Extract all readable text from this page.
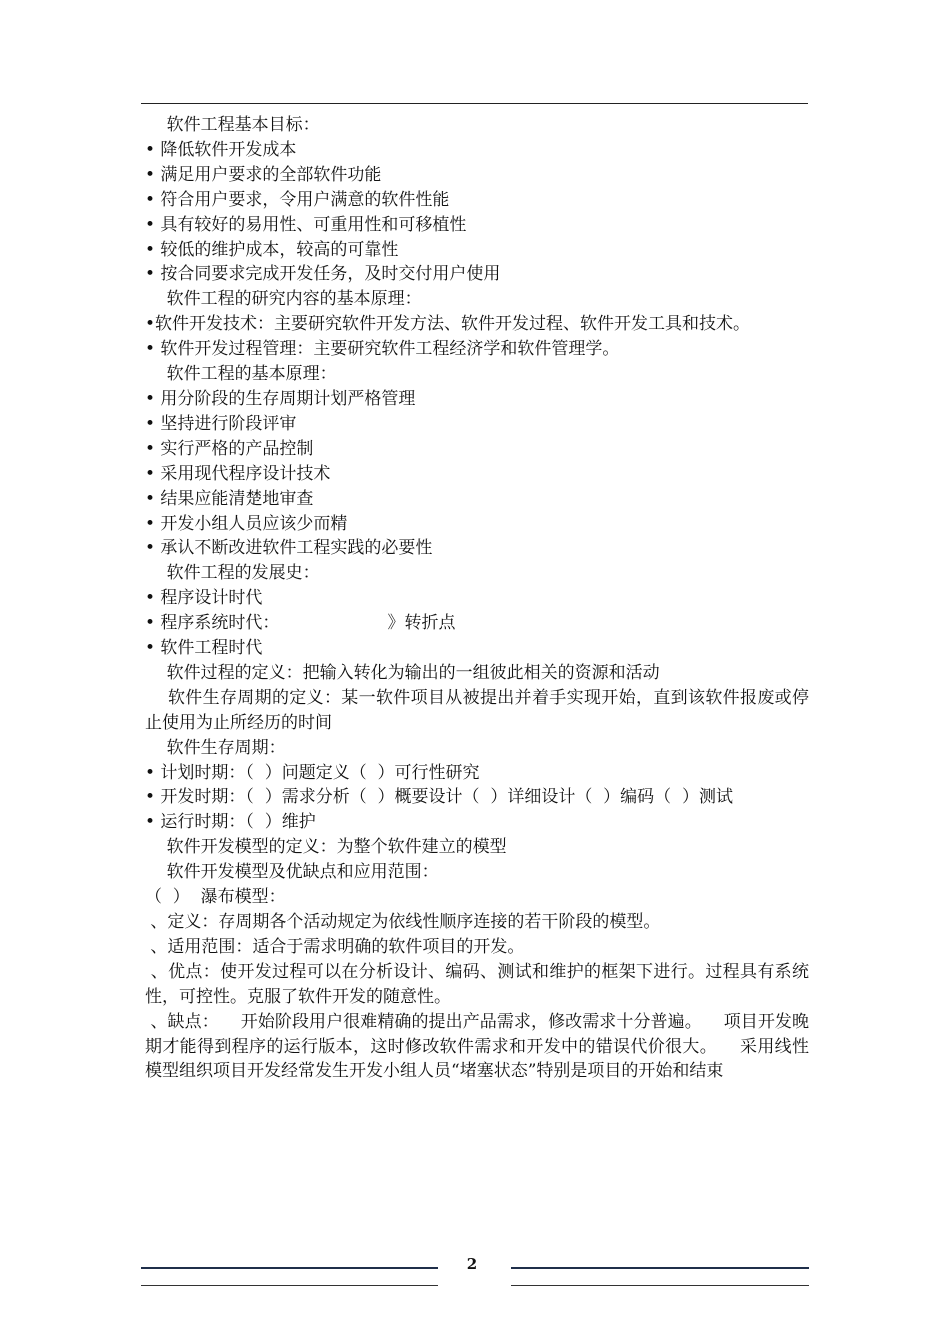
软件工程基本目标：
• 降低软件开发成本
• 满足用户要求的全部软件功能
• 符合用户要求，令用户满意的软件性能
• 具有较好的易用性、可重用性和可移植性
• 较低的维护成本，较高的可靠性
• 按合同要求完成开发任务，及时交付用户使用
软件工程的研究内容的基本原理：
•软件开发技术：主要研究软件开发方法、软件开发过程、软件开发工具和技术。
• 软件开发过程管理：主要研究软件工程经济学和软件管理学。
软件工程的基本原理：
• 用分阶段的生存周期计划严格管理
• 坚持进行阶段评审
• 实行严格的产品控制
• 采用现代程序设计技术
• 结果应能清楚地审查
• 开发小组人员应该少而精
• 承认不断改进软件工程实践的必要性
软件工程的发展史：
• 程序设计时代
• 程序系统时代：                    》转折点
• 软件工程时代
软件过程的定义：把输入转化为输出的一组彼此相关的资源和活动
软件生存周期的定义：某一软件项目从被提出并着手实现开始，直到该软件报废或停止使用为止所经历的时间
软件生存周期：
• 计划时期：（  ）问题定义（  ）可行性研究
• 开发时期：（  ）需求分析（  ）概要设计（  ）详细设计（  ）编码（  ）测试
• 运行时期：（  ）维护
软件开发模型的定义：为整个软件建立的模型
软件开发模型及优缺点和应用范围：
（  ）  瀑布模型：
、定义：存周期各个活动规定为依线性顺序连接的若干阶段的模型。
、适用范围：适合于需求明确的软件项目的开发。
、优点：使开发过程可以在分析设计、编码、测试和维护的框架下进行。过程具有系统性，可控性。克服了软件开发的随意性。
、缺点：    开始阶段用户很难精确的提出产品需求，修改需求十分普遍。    项目开发晚期才能得到程序的运行版本，这时修改软件需求和开发中的错误代价很大。    采用线性模型组织项目开发经常发生开发小组人员“堵塞状态”特别是项目的开始和结束
2
